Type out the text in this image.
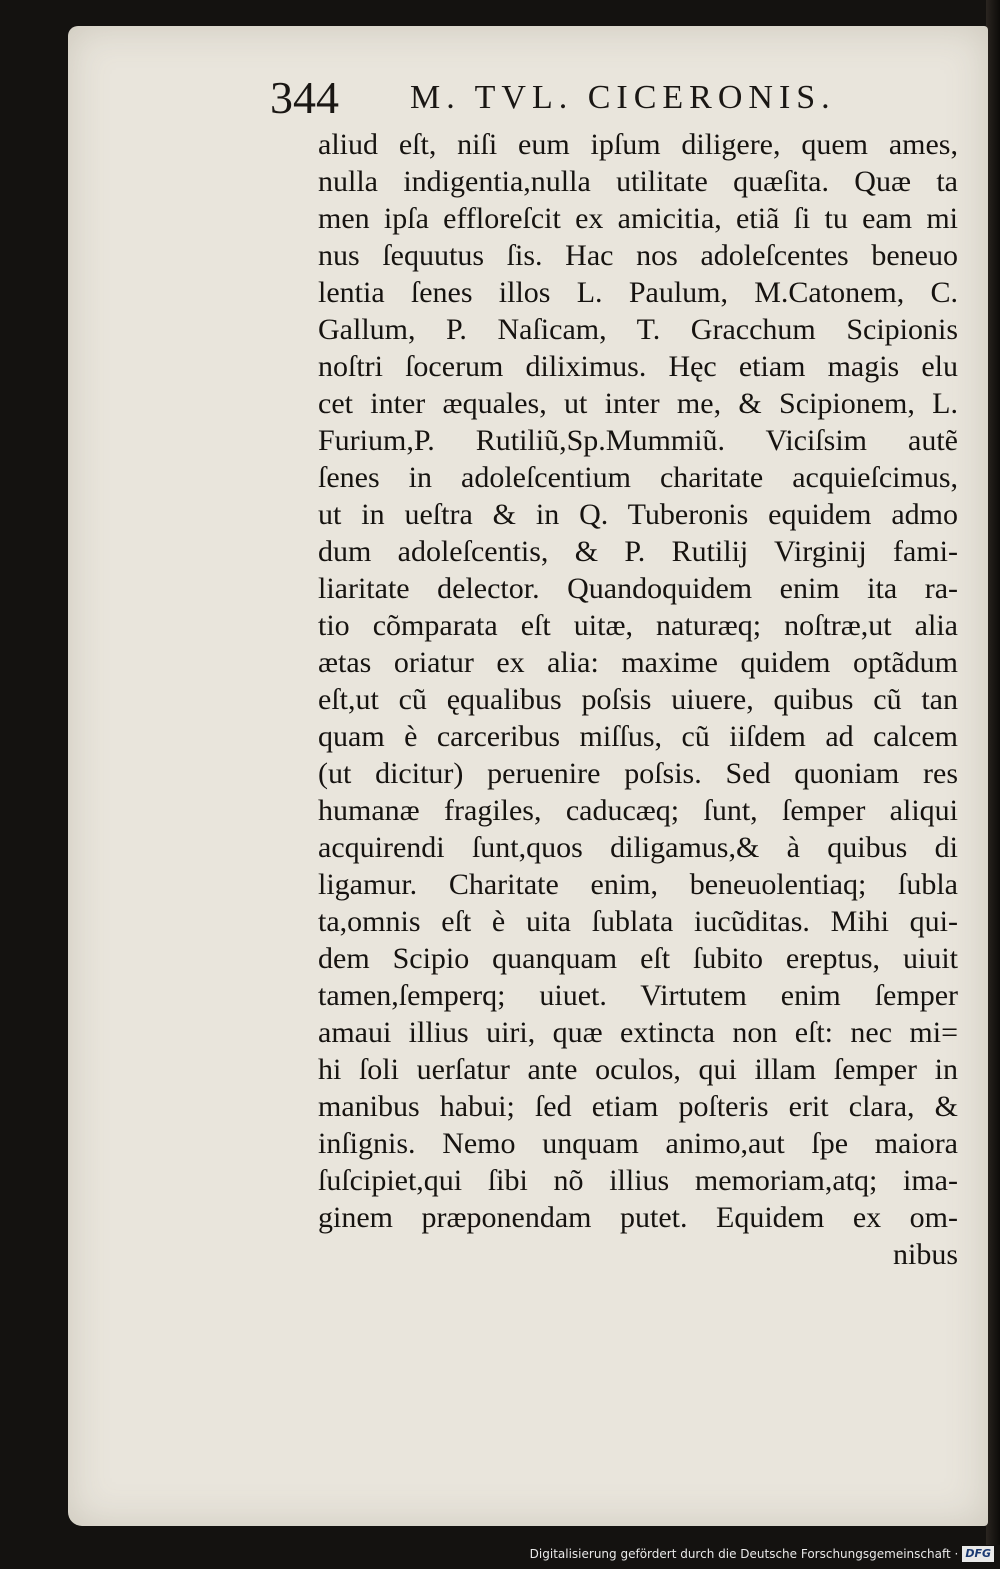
344 M. TVL. CICERONIS.
aliud eſt, niſi eum ipſum diligere, quem ames,
nulla indigentia,nulla utilitate quæſita. Quæ ta
men ipſa effloreſcit ex amicitia, etiã ſi tu eam mi
nus ſequutus ſis. Hac nos adoleſcentes beneuo
lentia ſenes illos L. Paulum, M.Catonem, C.
Gallum, P. Naſicam, T. Gracchum Scipionis
noſtri ſocerum diliximus. Hęc etiam magis elu
cet inter æquales, ut inter me, & Scipionem, L.
Furium,P. Rutiliũ,Sp.Mummiũ. Viciſsim autẽ
ſenes in adoleſcentium charitate acquieſcimus,
ut in ueſtra & in Q. Tuberonis equidem admo
dum adoleſcentis, & P. Rutilij Virginij fami-
liaritate delector. Quandoquidem enim ita ra-
tio cõmparata eſt uitæ, naturæq; noſtræ,ut alia
ætas oriatur ex alia: maxime quidem optãdum
eſt,ut cũ ęqualibus poſsis uiuere, quibus cũ tan
quam è carceribus miſſus, cũ iiſdem ad calcem
(ut dicitur) peruenire poſsis. Sed quoniam res
humanæ fragiles, caducæq; ſunt, ſemper aliqui
acquirendi ſunt,quos diligamus,& à quibus di
ligamur. Charitate enim, beneuolentiaq; ſubla
ta,omnis eſt è uita ſublata iucũditas. Mihi qui-
dem Scipio quanquam eſt ſubito ereptus, uiuit
tamen,ſemperq; uiuet. Virtutem enim ſemper
amaui illius uiri, quæ extincta non eſt: nec mi=
hi ſoli uerſatur ante oculos, qui illam ſemper in
manibus habui; ſed etiam poſteris erit clara, &
inſignis. Nemo unquam animo,aut ſpe maiora
ſuſcipiet,qui ſibi nõ illius memoriam,atq; ima-
ginem præponendam putet. Equidem ex om-
nibus
Digitalisierung gefördert durch die Deutsche Forschungsgemeinschaft · DFG
